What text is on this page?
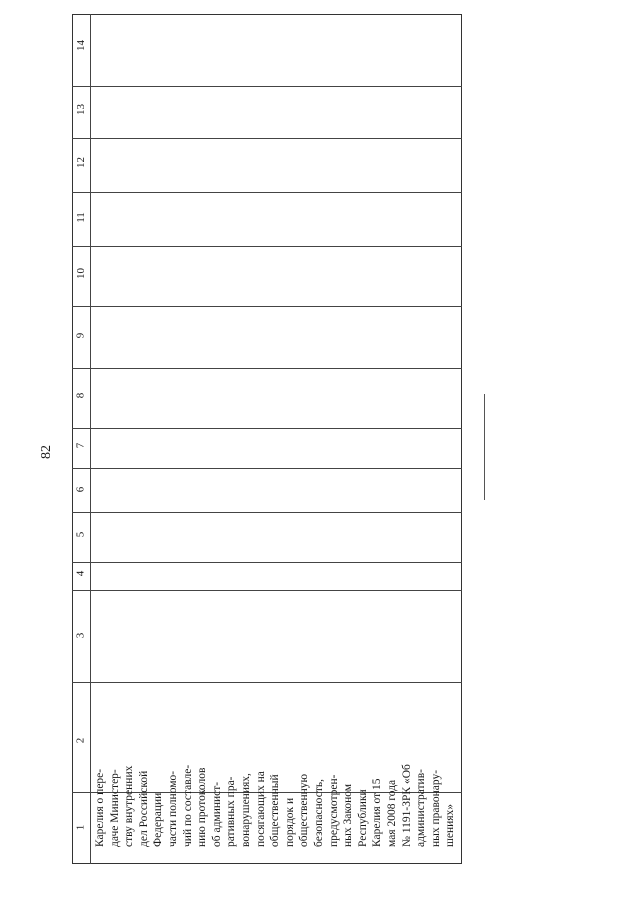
82
14
13
12
11
10
9
8
7
6
5
4
3
2
1 Карелия о пере- даче Министер- ству внутренних дел Российской Федерации части полномо- чий по составле- нию протоколов об админист- ративных пра- вонарушениях, посягающих на общественный порядок и общественную безопасность, предусмотрен- ных Законом Республики Карелия от 15 мая 2008 года № 1191-ЗРК «Об административ- ных правонару- шениях»
